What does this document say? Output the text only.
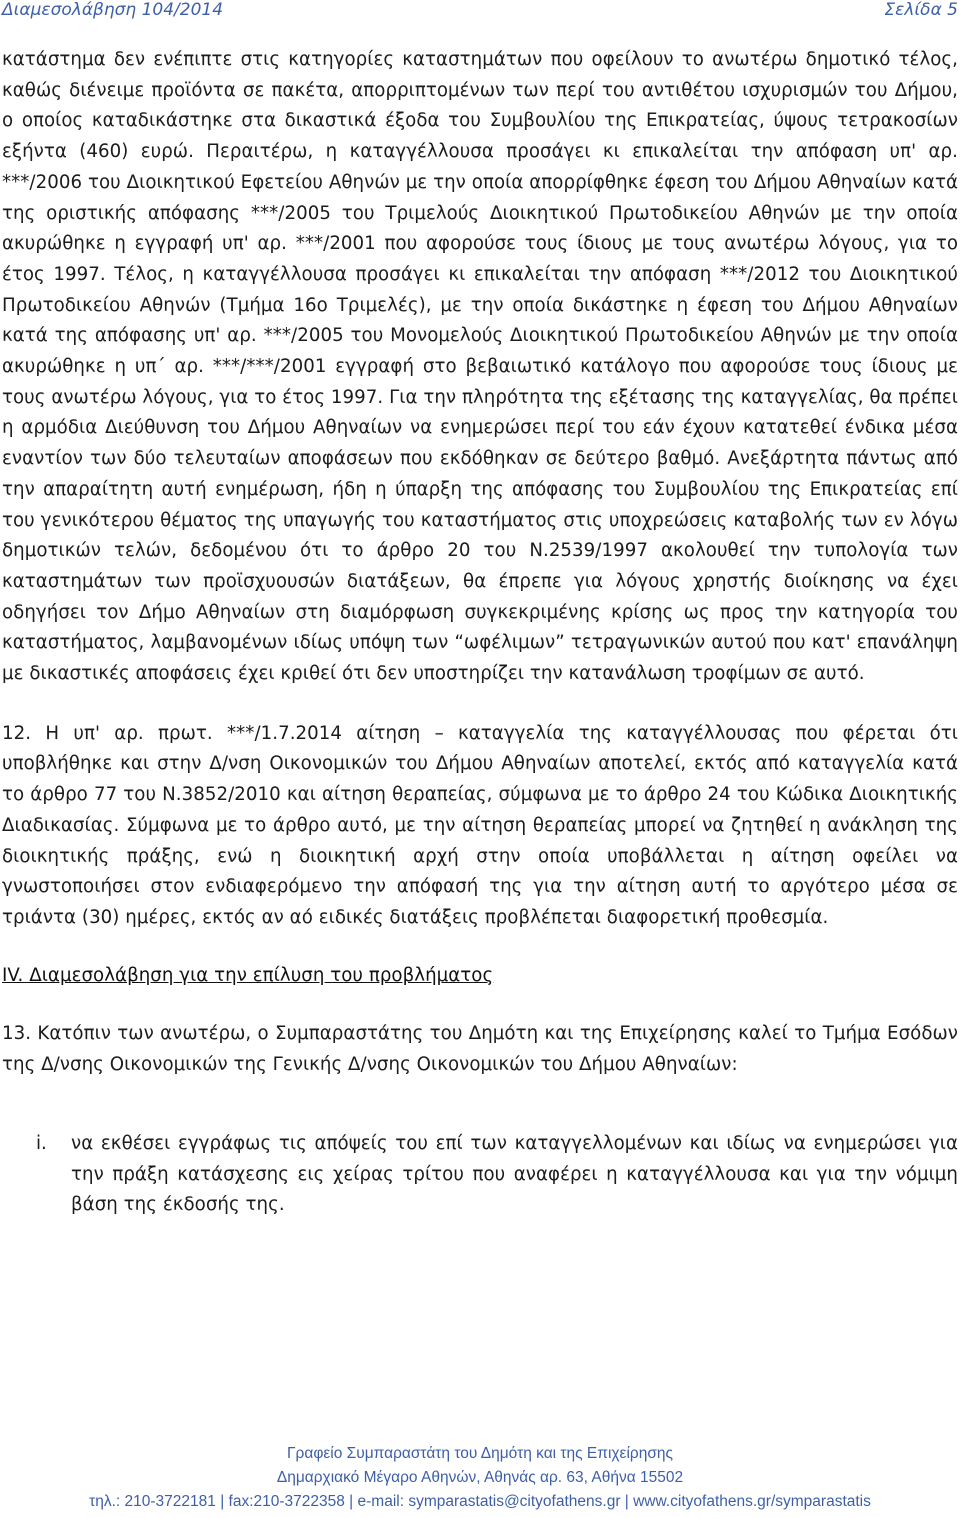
Διαμεσολάβηση 104/2014	Σελίδα 5

κατάστημα δεν ενέπιπτε στις κατηγορίες καταστημάτων που οφείλουν το ανωτέρω δημοτικό τέλος, καθώς διένειμε προϊόντα σε πακέτα, απορριπτομένων των περί του αντιθέτου ισχυρισμών του Δήμου, ο οποίος καταδικάστηκε στα δικαστικά έξοδα του Συμβουλίου της Επικρατείας, ύψους τετρακοσίων εξήντα (460) ευρώ. Περαιτέρω, η καταγγέλλουσα προσάγει κι επικαλείται την απόφαση υπ' αρ. ***/2006 του Διοικητικού Εφετείου Αθηνών με την οποία απορρίφθηκε έφεση του Δήμου Αθηναίων κατά της οριστικής απόφασης ***/2005 του Τριμελούς Διοικητικού Πρωτοδικείου Αθηνών με την οποία ακυρώθηκε η εγγραφή υπ' αρ. ***/2001 που αφορούσε τους ίδιους με τους ανωτέρω λόγους, για το έτος 1997. Τέλος, η καταγγέλλουσα προσάγει κι επικαλείται την απόφαση ***/2012 του Διοικητικού Πρωτοδικείου Αθηνών (Τμήμα 16ο Τριμελές), με την οποία δικάστηκε η έφεση του Δήμου Αθηναίων κατά της απόφασης υπ' αρ. ***/2005 του Μονομελούς Διοικητικού Πρωτοδικείου Αθηνών με την οποία ακυρώθηκε η υπ΄ αρ. ***/***/2001 εγγραφή στο βεβαιωτικό κατάλογο που αφορούσε τους ίδιους με τους ανωτέρω λόγους, για το έτος 1997. Για την πληρότητα της εξέτασης της καταγγελίας, θα πρέπει η αρμόδια Διεύθυνση του Δήμου Αθηναίων να ενημερώσει περί του εάν έχουν κατατεθεί ένδικα μέσα εναντίον των δύο τελευταίων αποφάσεων που εκδόθηκαν σε δεύτερο βαθμό. Ανεξάρτητα πάντως από την απαραίτητη αυτή ενημέρωση, ήδη η ύπαρξη της απόφασης του Συμβουλίου της Επικρατείας επί του γενικότερου θέματος της υπαγωγής του καταστήματος στις υποχρεώσεις καταβολής των εν λόγω δημοτικών τελών, δεδομένου ότι το άρθρο 20 του Ν.2539/1997 ακολουθεί την τυπολογία των καταστημάτων των προϊσχυουσών διατάξεων, θα έπρεπε για λόγους χρηστής διοίκησης να έχει οδηγήσει τον Δήμο Αθηναίων στη διαμόρφωση συγκεκριμένης κρίσης ως προς την κατηγορία του καταστήματος, λαμβανομένων ιδίως υπόψη των “ωφέλιμων” τετραγωνικών αυτού που κατ' επανάληψη με δικαστικές αποφάσεις έχει κριθεί ότι δεν υποστηρίζει την κατανάλωση τροφίμων σε αυτό.

12. Η υπ' αρ. πρωτ. ***/1.7.2014 αίτηση – καταγγελία της καταγγέλλουσας που φέρεται ότι υποβλήθηκε και στην Δ/νση Οικονομικών του Δήμου Αθηναίων αποτελεί, εκτός από καταγγελία κατά το άρθρο 77 του Ν.3852/2010 και αίτηση θεραπείας, σύμφωνα με το άρθρο 24 του Κώδικα Διοικητικής Διαδικασίας. Σύμφωνα με το άρθρο αυτό, με την αίτηση θεραπείας μπορεί να ζητηθεί η ανάκληση της διοικητικής πράξης, ενώ η διοικητική αρχή στην οποία υποβάλλεται η αίτηση οφείλει να γνωστοποιήσει στον ενδιαφερόμενο την απόφασή της για την αίτηση αυτή το αργότερο μέσα σε τριάντα (30) ημέρες, εκτός αν αό ειδικές διατάξεις προβλέπεται διαφορετική προθεσμία.

IV. Διαμεσολάβηση για την επίλυση του προβλήματος

13. Κατόπιν των ανωτέρω, ο Συμπαραστάτης του Δημότη και της Επιχείρησης καλεί το Τμήμα Εσόδων της Δ/νσης Οικονομικών της Γενικής Δ/νσης Οικονομικών του Δήμου Αθηναίων:

i. να εκθέσει εγγράφως τις απόψείς του επί των καταγγελλομένων και ιδίως να ενημερώσει για την πράξη κατάσχεσης εις χείρας τρίτου που αναφέρει η καταγγέλλουσα και για την νόμιμη βάση της έκδοσής της.

Γραφείο Συμπαραστάτη του Δημότη και της Επιχείρησης
Δημαρχιακό Μέγαρο Αθηνών, Αθηνάς αρ. 63, Αθήνα 15502
τηλ.: 210-3722181 | fax:210-3722358 | e-mail: symparastatis@cityofathens.gr | www.cityofathens.gr/symparastatis
